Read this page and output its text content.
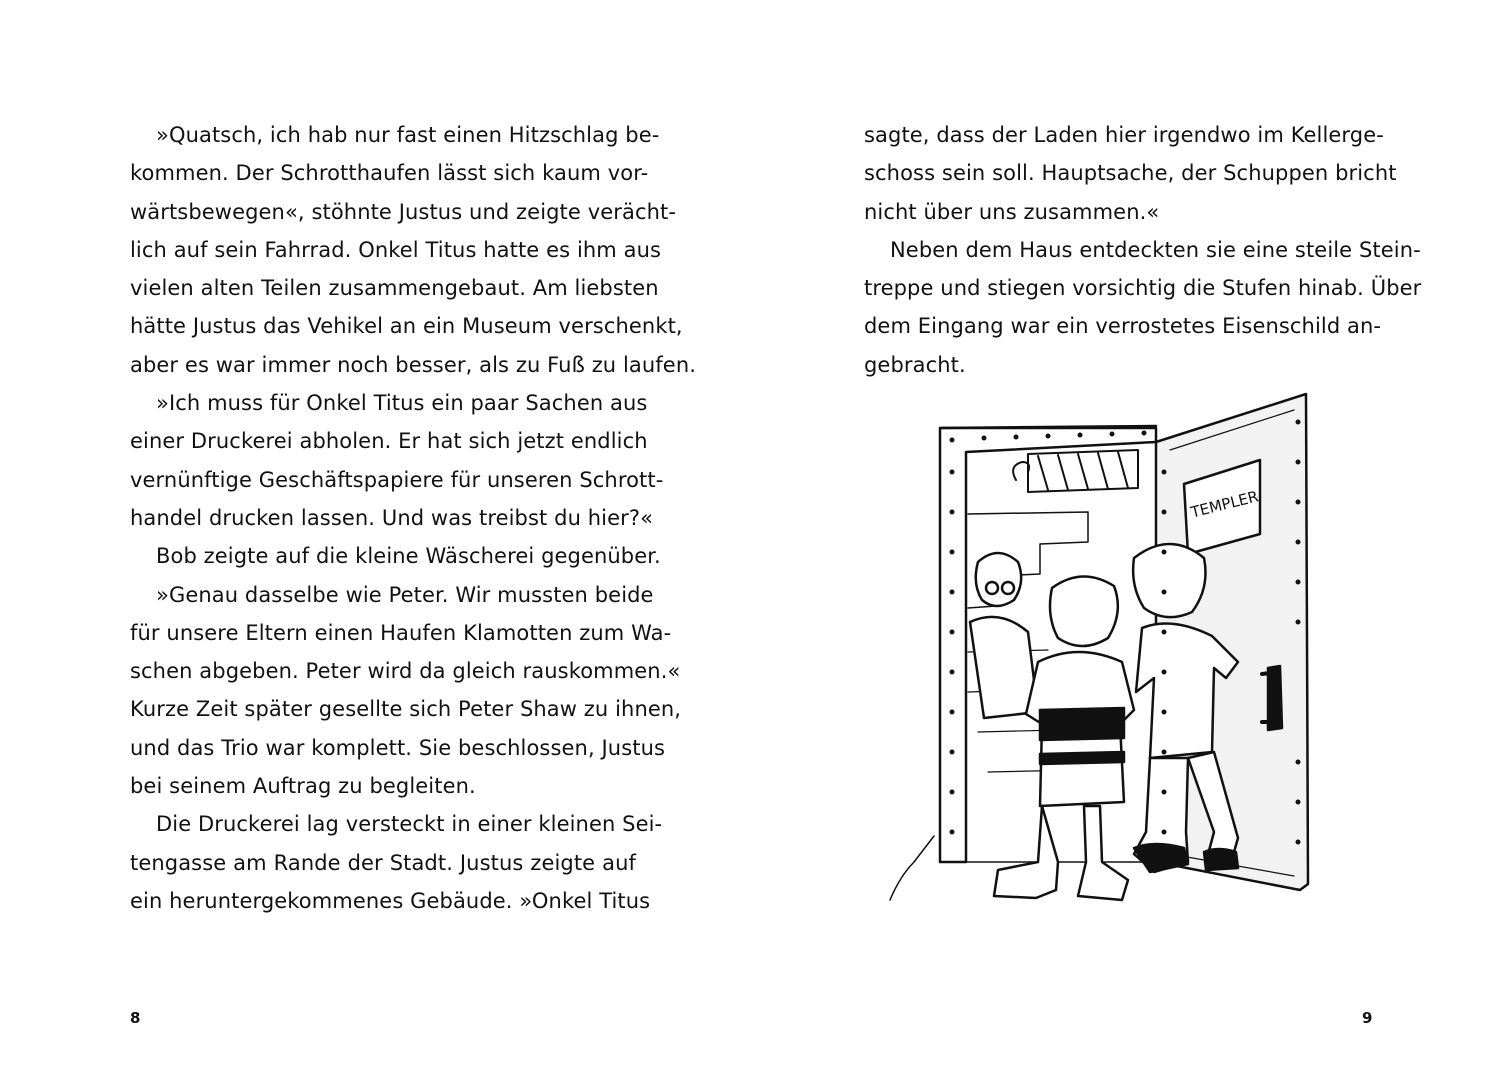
»Quatsch, ich hab nur fast einen Hitzschlag be-
kommen. Der Schrotthaufen lässt sich kaum vor-
wärtsbewegen«, stöhnte Justus und zeigte verächt-
lich auf sein Fahrrad. Onkel Titus hatte es ihm aus
vielen alten Teilen zusammengebaut. Am liebsten
hätte Justus das Vehikel an ein Museum verschenkt,
aber es war immer noch besser, als zu Fuß zu laufen.
»Ich muss für Onkel Titus ein paar Sachen aus
einer Druckerei abholen. Er hat sich jetzt endlich
vernünftige Geschäftspapiere für unseren Schrott-
handel drucken lassen. Und was treibst du hier?«
Bob zeigte auf die kleine Wäscherei gegenüber.
»Genau dasselbe wie Peter. Wir mussten beide
für unsere Eltern einen Haufen Klamotten zum Wa-
schen abgeben. Peter wird da gleich rauskommen.«
Kurze Zeit später gesellte sich Peter Shaw zu ihnen,
und das Trio war komplett. Sie beschlossen, Justus
bei seinem Auftrag zu begleiten.
Die Druckerei lag versteckt in einer kleinen Sei-
tengasse am Rande der Stadt. Justus zeigte auf
ein heruntergekommenes Gebäude. »Onkel Titus
8
sagte, dass der Laden hier irgendwo im Kellerge-
schoss sein soll. Hauptsache, der Schuppen bricht
nicht über uns zusammen.«
Neben dem Haus entdeckten sie eine steile Stein-
treppe und stiegen vorsichtig die Stufen hinab. Über
dem Eingang war ein verrostetes Eisenschild an-
gebracht.
9
TEMPLER
